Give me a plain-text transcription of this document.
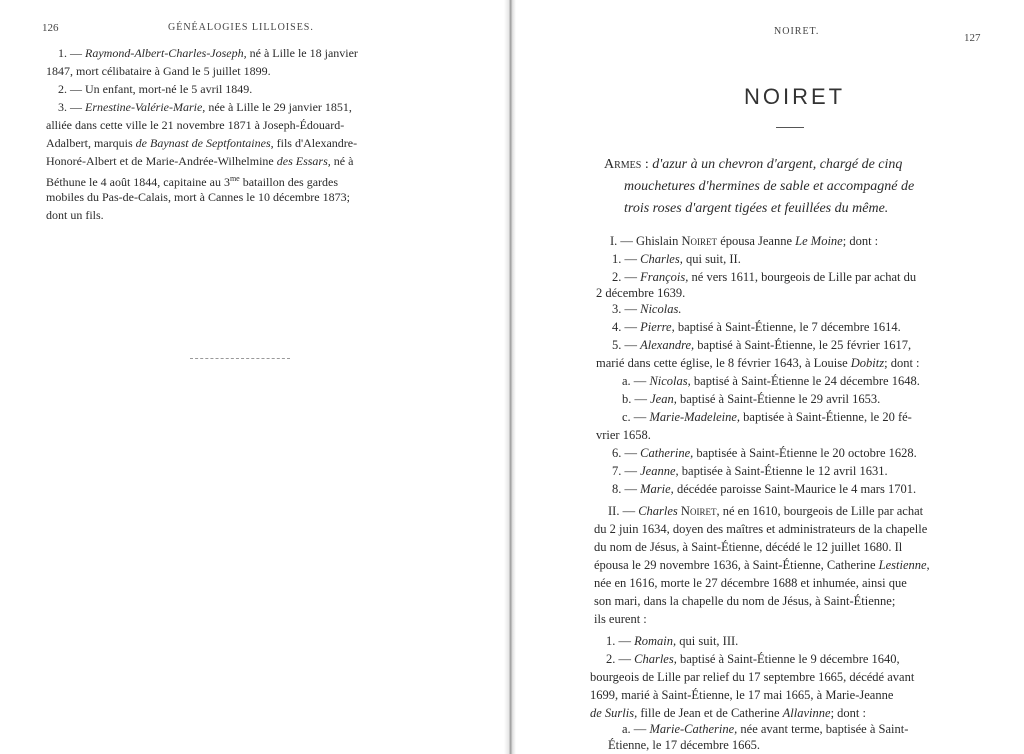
126	GÉNÉALOGIES LILLOISES.
1. — Raymond-Albert-Charles-Joseph, né à Lille le 18 janvier
1847, mort célibataire à Gand le 5 juillet 1899.
2. — Un enfant, mort-né le 5 avril 1849.
3. — Ernestine-Valérie-Marie, née à Lille le 29 janvier 1851,
alliée dans cette ville le 21 novembre 1871 à Joseph-Édouard-
Adalbert, marquis de Baynast de Septfontaines, fils d'Alexandre-
Honoré-Albert et de Marie-Andrée-Wilhelmine des Essars, né à
Béthune le 4 août 1844, capitaine au $3^{me}$ bataillon des gardes
mobiles du Pas-de-Calais, mort à Cannes le 10 décembre 1873;
dont un fils.
NOIRET.
127
NOIRET
Armes : d'azur à un chevron d'argent, chargé de cinq
mouchetures d'hermines de sable et accompagné de
trois roses d'argent tigées et feuillées du même.
I. — Ghislain Noiret épousa Jeanne Le Moine; dont :
1. — Charles, qui suit, II.
2. — François, né vers 1611, bourgeois de Lille par achat du
2 décembre 1639.
3. — Nicolas.
4. — Pierre, baptisé à Saint-Étienne, le 7 décembre 1614.
5. — Alexandre, baptisé à Saint-Étienne, le 25 février 1617,
marié dans cette église, le 8 février 1643, à Louise Dobitz; dont :
a. — Nicolas, baptisé à Saint-Étienne le 24 décembre 1648.
b. — Jean, baptisé à Saint-Étienne le 29 avril 1653.
c. — Marie-Madeleine, baptisée à Saint-Étienne, le 20 fé-
vrier 1658.
6. — Catherine, baptisée à Saint-Étienne le 20 octobre 1628.
7. — Jeanne, baptisée à Saint-Étienne le 12 avril 1631.
8. — Marie, décédée paroisse Saint-Maurice le 4 mars 1701.
II. — Charles Noiret, né en 1610, bourgeois de Lille par achat
du 2 juin 1634, doyen des maîtres et administrateurs de la chapelle
du nom de Jésus, à Saint-Étienne, décédé le 12 juillet 1680. Il
épousa le 29 novembre 1636, à Saint-Étienne, Catherine Lestienne,
née en 1616, morte le 27 décembre 1688 et inhumée, ainsi que
son mari, dans la chapelle du nom de Jésus, à Saint-Étienne;
ils eurent :
1. — Romain, qui suit, III.
2. — Charles, baptisé à Saint-Étienne le 9 décembre 1640,
bourgeois de Lille par relief du 17 septembre 1665, décédé avant
1699, marié à Saint-Étienne, le 17 mai 1665, à Marie-Jeanne
de Surlis, fille de Jean et de Catherine Allavinne; dont :
a. — Marie-Catherine, née avant terme, baptisée à Saint-
Étienne, le 17 décembre 1665.
